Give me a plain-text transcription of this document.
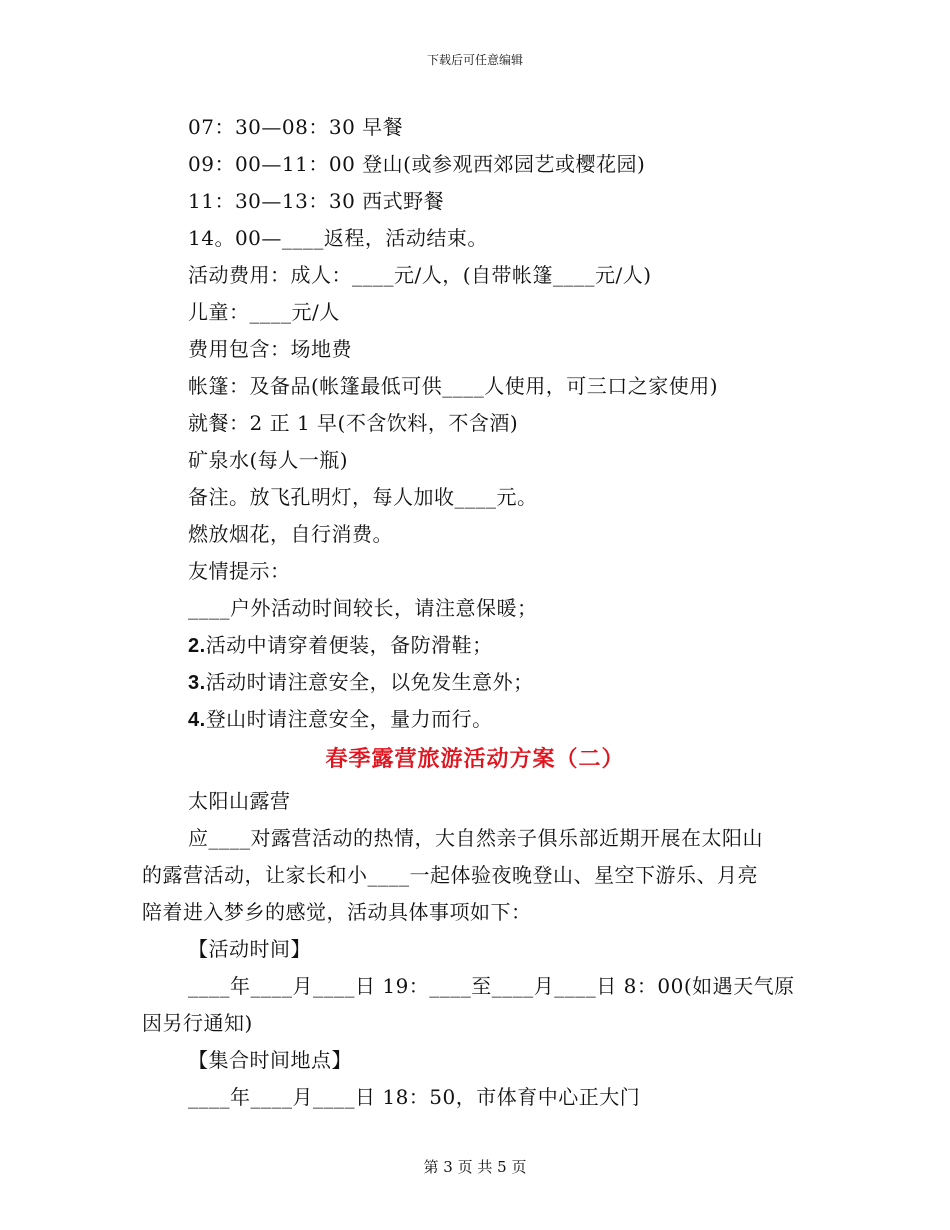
下载后可任意编辑
07：30—08：30 早餐
09：00—11：00 登山(或参观西郊园艺或樱花园)
11：30—13：30 西式野餐
14。00—____返程，活动结束。
活动费用：成人：____元/人，(自带帐篷____元/人)
儿童：____元/人
费用包含：场地费
帐篷：及备品(帐篷最低可供____人使用，可三口之家使用)
就餐：2 正 1 早(不含饮料，不含酒)
矿泉水(每人一瓶)
备注。放飞孔明灯，每人加收____元。
燃放烟花，自行消费。
友情提示：
____户外活动时间较长，请注意保暖；
2.活动中请穿着便装，备防滑鞋；
3.活动时请注意安全，以免发生意外；
4.登山时请注意安全，量力而行。
春季露营旅游活动方案（二）
太阳山露营
应____对露营活动的热情，大自然亲子俱乐部近期开展在太阳山
的露营活动，让家长和小____一起体验夜晚登山、星空下游乐、月亮
陪着进入梦乡的感觉，活动具体事项如下：
【活动时间】
____年____月____日 19：____至____月____日 8：00(如遇天气原
因另行通知)
【集合时间地点】
____年____月____日 18：50，市体育中心正大门
第 3 页 共 5 页
